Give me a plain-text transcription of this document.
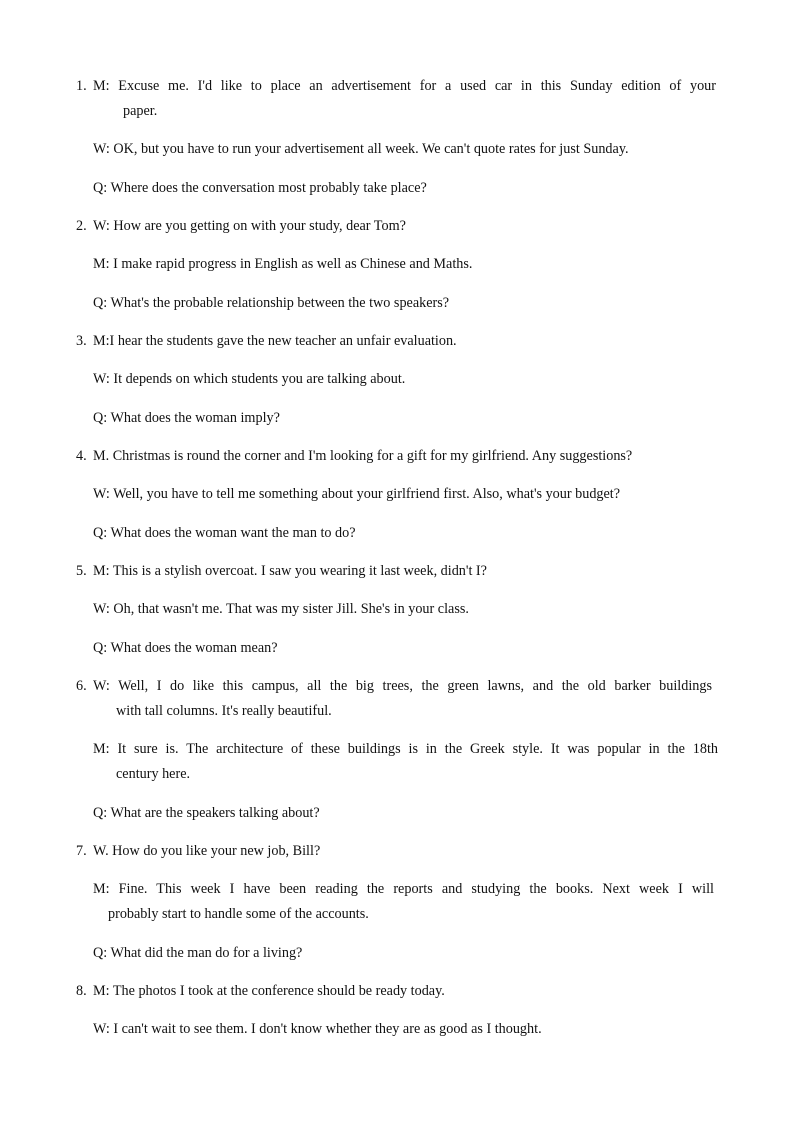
1. M: Excuse me. I'd like to place an advertisement for a used car in this Sunday edition of your
paper.
W: OK, but you have to run your advertisement all week. We can't quote rates for just Sunday.
Q: Where does the conversation most probably take place?
2. W: How are you getting on with your study, dear Tom?
M: I make rapid progress in English as well as Chinese and Maths.
Q: What's the probable relationship between the two speakers?
3. M:I hear the students gave the new teacher an unfair evaluation.
W: It depends on which students you are talking about.
Q: What does the woman imply?
4. M. Christmas is round the corner and I'm looking for a gift for my girlfriend. Any suggestions?
W: Well, you have to tell me something about your girlfriend first. Also, what's your budget?
Q: What does the woman want the man to do?
5. M: This is a stylish overcoat. I saw you wearing it last week, didn't I?
W: Oh, that wasn't me. That was my sister Jill. She's in your class.
Q: What does the woman mean?
6. W: Well, I do like this campus, all the big trees, the green lawns, and the old barker buildings
with tall columns. It's really beautiful.
M: It sure is. The architecture of these buildings is in the Greek style. It was popular in the 18th
century here.
Q: What are the speakers talking about?
7. W. How do you like your new job, Bill?
M: Fine. This week I have been reading the reports and studying the books. Next week I will
probably start to handle some of the accounts.
Q: What did the man do for a living?
8. M: The photos I took at the conference should be ready today.
W: I can't wait to see them. I don't know whether they are as good as I thought.
